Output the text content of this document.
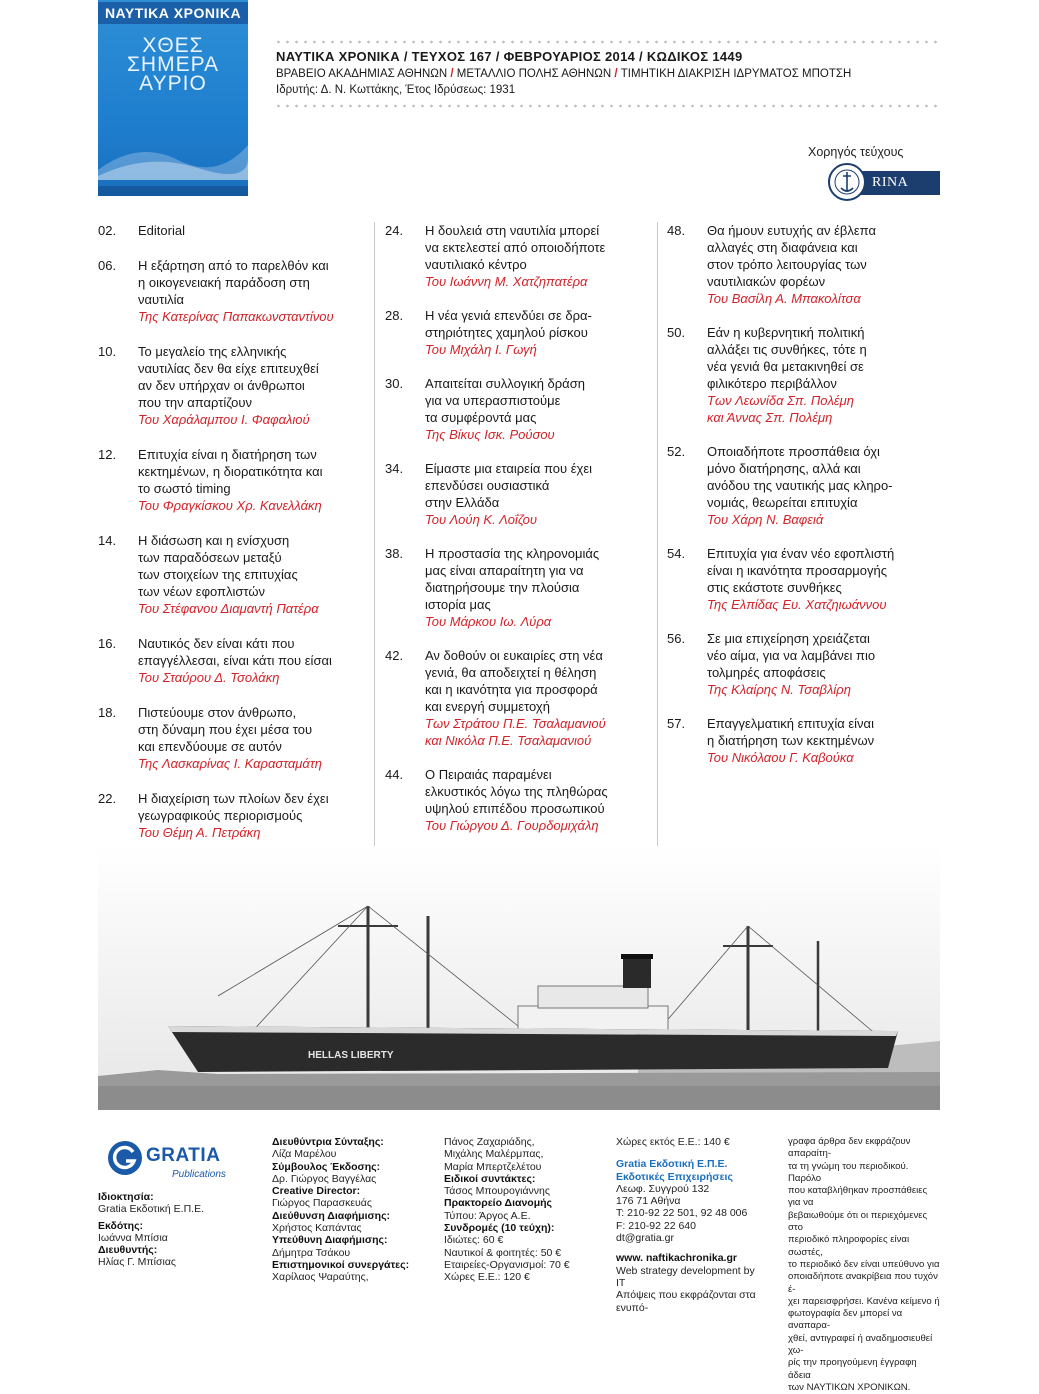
ΝΑΥΤΙΚΑ ΧΡΟΝΙΚΑ
ΧΘΕΣ
ΣΗΜΕΡΑ
ΑΥΡΙΟ
ΝΑΥΤΙΚΑ ΧΡΟΝΙΚΑ / ΤΕΥΧΟΣ 167 / ΦΕΒΡΟΥΑΡΙΟΣ 2014 / ΚΩΔΙΚΟΣ 1449
ΒΡΑΒΕΙΟ ΑΚΑΔΗΜΙΑΣ ΑΘΗΝΩΝ / ΜΕΤΑΛΛΙΟ ΠΟΛΗΣ ΑΘΗΝΩΝ / ΤΙΜΗΤΙΚΗ ΔΙΑΚΡΙΣΗ ΙΔΡΥΜΑΤΟΣ ΜΠΟΤΣΗ
Ιδρυτής: Δ. Ν. Κωττάκης, Έτος Ιδρύσεως: 1931
Χορηγός τεύχους
RINA
02. Editorial
06. Η εξάρτηση από το παρελθόν και
η οικογενειακή παράδοση στη
ναυτιλία
Της Κατερίνας Παπακωνσταντίνου
10. Το μεγαλείο της ελληνικής
ναυτιλίας δεν θα είχε επιτευχθεί
αν δεν υπήρχαν οι άνθρωποι
που την απαρτίζουν
Του Χαράλαμπου Ι. Φαφαλιού
12. Επιτυχία είναι η διατήρηση των
κεκτημένων, η διορατικότητα και
το σωστό timing
Του Φραγκίσκου Χρ. Κανελλάκη
14. Η διάσωση και η ενίσχυση
των παραδόσεων μεταξύ
των στοιχείων της επιτυχίας
των νέων εφοπλιστών
Του Στέφανου Διαμαντή Πατέρα
16. Ναυτικός δεν είναι κάτι που
επαγγέλλεσαι, είναι κάτι που είσαι
Του Σταύρου Δ. Τσολάκη
18. Πιστεύουμε στον άνθρωπο,
στη δύναμη που έχει μέσα του
και επενδύουμε σε αυτόν
Της Λασκαρίνας Ι. Καρασταμάτη
22. Η διαχείριση των πλοίων δεν έχει
γεωγραφικούς περιορισμούς
Του Θέμη Α. Πετράκη
24. Η δουλειά στη ναυτιλία μπορεί
να εκτελεστεί από οποιοδήποτε
ναυτιλιακό κέντρο
Του Ιωάννη Μ. Χατζηπατέρα
28. Η νέα γενιά επενδύει σε δρα-
στηριότητες χαμηλού ρίσκου
Του Μιχάλη Ι. Γωγή
30. Απαιτείται συλλογική δράση
για να υπερασπιστούμε
τα συμφέροντά μας
Της Βίκυς Ισκ. Ρούσου
34. Είμαστε μια εταιρεία που έχει
επενδύσει ουσιαστικά
στην Ελλάδα
Του Λούη Κ. Λοΐζου
38. Η προστασία της κληρονομιάς
μας είναι απαραίτητη για να
διατηρήσουμε την πλούσια
ιστορία μας
Του Μάρκου Ιω. Λύρα
42. Αν δοθούν οι ευκαιρίες στη νέα
γενιά, θα αποδειχτεί η θέληση
και η ικανότητα για προσφορά
και ενεργή συμμετοχή
Των Στράτου Π.Ε. Τσαλαμανιού
και Νικόλα Π.Ε. Τσαλαμανιού
44. Ο Πειραιάς παραμένει
ελκυστικός λόγω της πληθώρας
υψηλού επιπέδου προσωπικού
Του Γιώργου Δ. Γουρδομιχάλη
48. Θα ήμουν ευτυχής αν έβλεπα
αλλαγές στη διαφάνεια και
στον τρόπο λειτουργίας των
ναυτιλιακών φορέων
Του Βασίλη Α. Μπακολίτσα
50. Εάν η κυβερνητική πολιτική
αλλάξει τις συνθήκες, τότε η
νέα γενιά θα μετακινηθεί σε
φιλικότερο περιβάλλον
Των Λεωνίδα Σπ. Πολέμη
και Άννας Σπ. Πολέμη
52. Οποιαδήποτε προσπάθεια όχι
μόνο διατήρησης, αλλά και
ανόδου της ναυτικής μας κληρο-
νομιάς, θεωρείται επιτυχία
Του Χάρη Ν. Βαφειά
54. Επιτυχία για έναν νέο εφοπλιστή
είναι η ικανότητα προσαρμογής
στις εκάστοτε συνθήκες
Της Ελπίδας Ευ. Χατζηιωάννου
56. Σε μια επιχείρηση χρειάζεται
νέο αίμα, για να λαμβάνει πιο
τολμηρές αποφάσεις
Της Κλαίρης Ν. Τσαβλίρη
57. Επαγγελματική επιτυχία είναι
η διατήρηση των κεκτημένων
Του Νικόλαου Γ. Καβούκα
HELLAS LIBERTY
GRATIA
Publications
Ιδιοκτησία:
Gratia Εκδοτική Ε.Π.Ε.
Εκδότης:
Ιωάννα Μπίσια
Διευθυντής:
Ηλίας Γ. Μπίσιας
Διευθύντρια Σύνταξης:
Λίζα Μαρέλου
Σύμβουλος Έκδοσης:
Δρ. Γιώργος Βαγγέλας
Creative Director:
Γιώργος Παρασκευάς
Διεύθυνση Διαφήμισης:
Χρήστος Καπάντας
Υπεύθυνη Διαφήμισης:
Δήμητρα Τσάκου
Επιστημονικοί συνεργάτες:
Χαρίλαος Ψαραύτης,
Πάνος Ζαχαριάδης,
Μιχάλης Μαλέρμπας,
Μαρία Μπερτζελέτου
Ειδικοί συντάκτες:
Τάσος Μπουρογιάννης
Πρακτορείο Διανομής
Τύπου: Άργος Α.Ε.
Συνδρομές (10 τεύχη):
Ιδιώτες: 60 €
Ναυτικοί & φοιτητές: 50 €
Εταιρείες-Οργανισμοί: 70 €
Χώρες Ε.Ε.: 120 €
Χώρες εκτός Ε.Ε.: 140 €

Gratia Εκδοτική Ε.Π.Ε.
Εκδοτικές Επιχειρήσεις
Λεωφ. Συγγρού 132
176 71 Αθήνα
T: 210-92 22 501, 92 48 006
F: 210-92 22 640
dt@gratia.gr

www. naftikachronika.gr
Web strategy development by IT
Απόψεις που εκφράζονται στα ενυπό-
γραφα άρθρα δεν εκφράζουν απαραίτη-
τα τη γνώμη του περιοδικού. Παρόλο
που καταβλήθηκαν προσπάθειες για να
βεβαιωθούμε ότι οι περιεχόμενες στο
περιοδικό πληροφορίες είναι σωστές,
το περιοδικό δεν είναι υπεύθυνο για
οποιαδήποτε ανακρίβεια που τυχόν έ-
χει παρεισφρήσει. Κανένα κείμενο ή
φωτογραφία δεν μπορεί να αναπαρα-
χθεί, αντιγραφεί ή αναδημοσιευθεί χω-
ρίς την προηγούμενη έγγραφη άδεια
των ΝΑΥΤΙΚΩΝ ΧΡΟΝΙΚΩΝ.
